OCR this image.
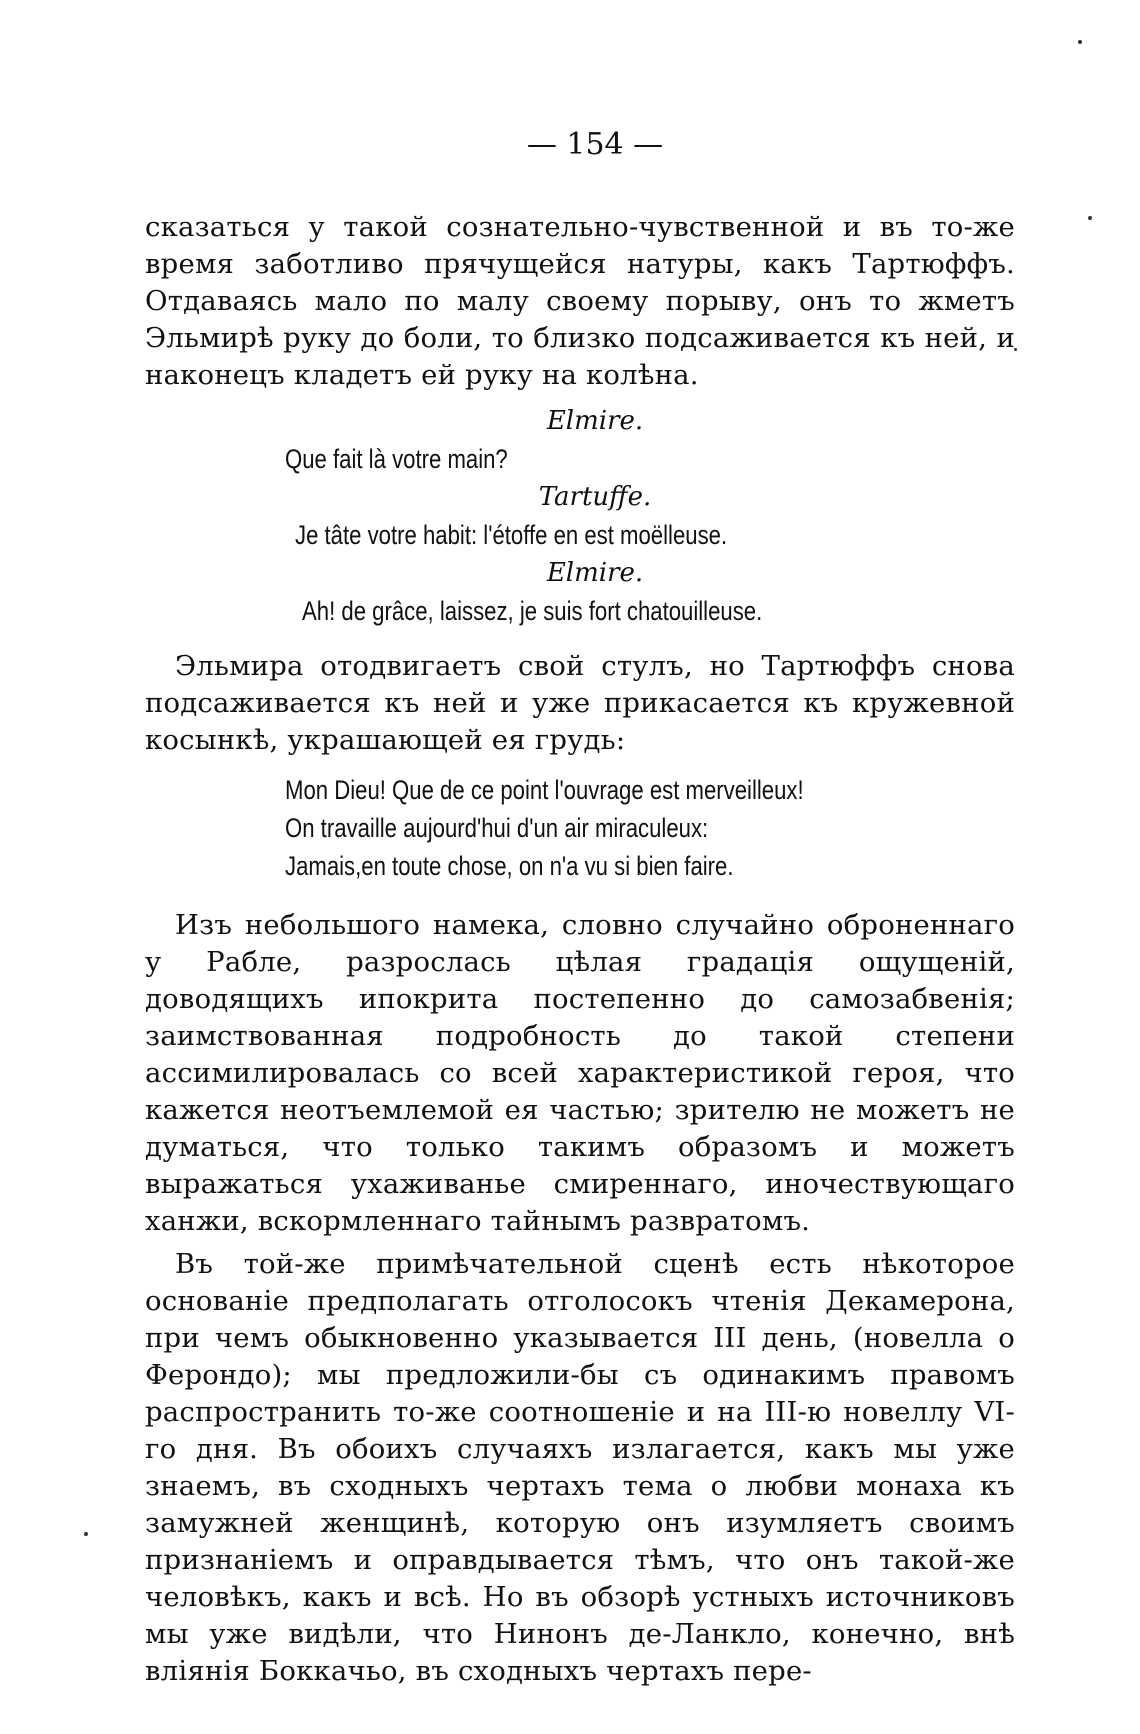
— 154 —

сказаться у такой сознательно-чувственной и въ то-же время заботливо прячущейся натуры, какъ Тартюффъ. Отдаваясь мало по малу своему порыву, онъ то жметъ Эльмирѣ руку до боли, то близко подсаживается къ ней, и наконецъ кладетъ ей руку на колѣна.

Elmire.

Que fait là votre main?

Tartuffe.

Je tâte votre habit: l'étoffe en est moëlleuse.

Elmire.

Ah! de grâce, laissez, je suis fort chatouilleuse.

Эльмира отодвигаетъ свой стулъ, но Тартюффъ снова подсаживается къ ней и уже прикасается къ кружевной косынкѣ, украшающей ея грудь:

Mon Dieu! Que de ce point l'ouvrage est merveilleux!

On travaille aujourd'hui d'un air miraculeux:

Jamais,en toute chose, on n'a vu si bien faire.

Изъ небольшого намека, словно случайно оброненнаго у Рабле, разрослась цѣлая градація ощущеній, доводящихъ ипокрита постепенно до самозабвенія; заимствованная подробность до такой степени ассимилировалась со всей характеристикой героя, что кажется неотъемлемой ея частью; зрителю не можетъ не думаться, что только такимъ образомъ и можетъ выражаться ухаживанье смиреннаго, иночествующаго ханжи, вскормленнаго тайнымъ развратомъ.

Въ той-же примѣчательной сценѣ есть нѣкоторое основаніе предполагать отголосокъ чтенія Декамерона, при чемъ обыкновенно указывается III день, (новелла о Ферондо); мы предложили-бы съ одинакимъ правомъ распространить то-же соотношеніе и на III-ю новеллу VI-го дня. Въ обоихъ случаяхъ излагается, какъ мы уже знаемъ, въ сходныхъ чертахъ тема о любви монаха къ замужней женщинѣ, которую онъ изумляетъ своимъ признаніемъ и оправдывается тѣмъ, что онъ такой-же человѣкъ, какъ и всѣ. Но въ обзорѣ устныхъ источниковъ мы уже видѣли, что Нинонъ де-Ланкло, конечно, внѣ вліянія Боккачьо, въ сходныхъ чертахъ пере-
